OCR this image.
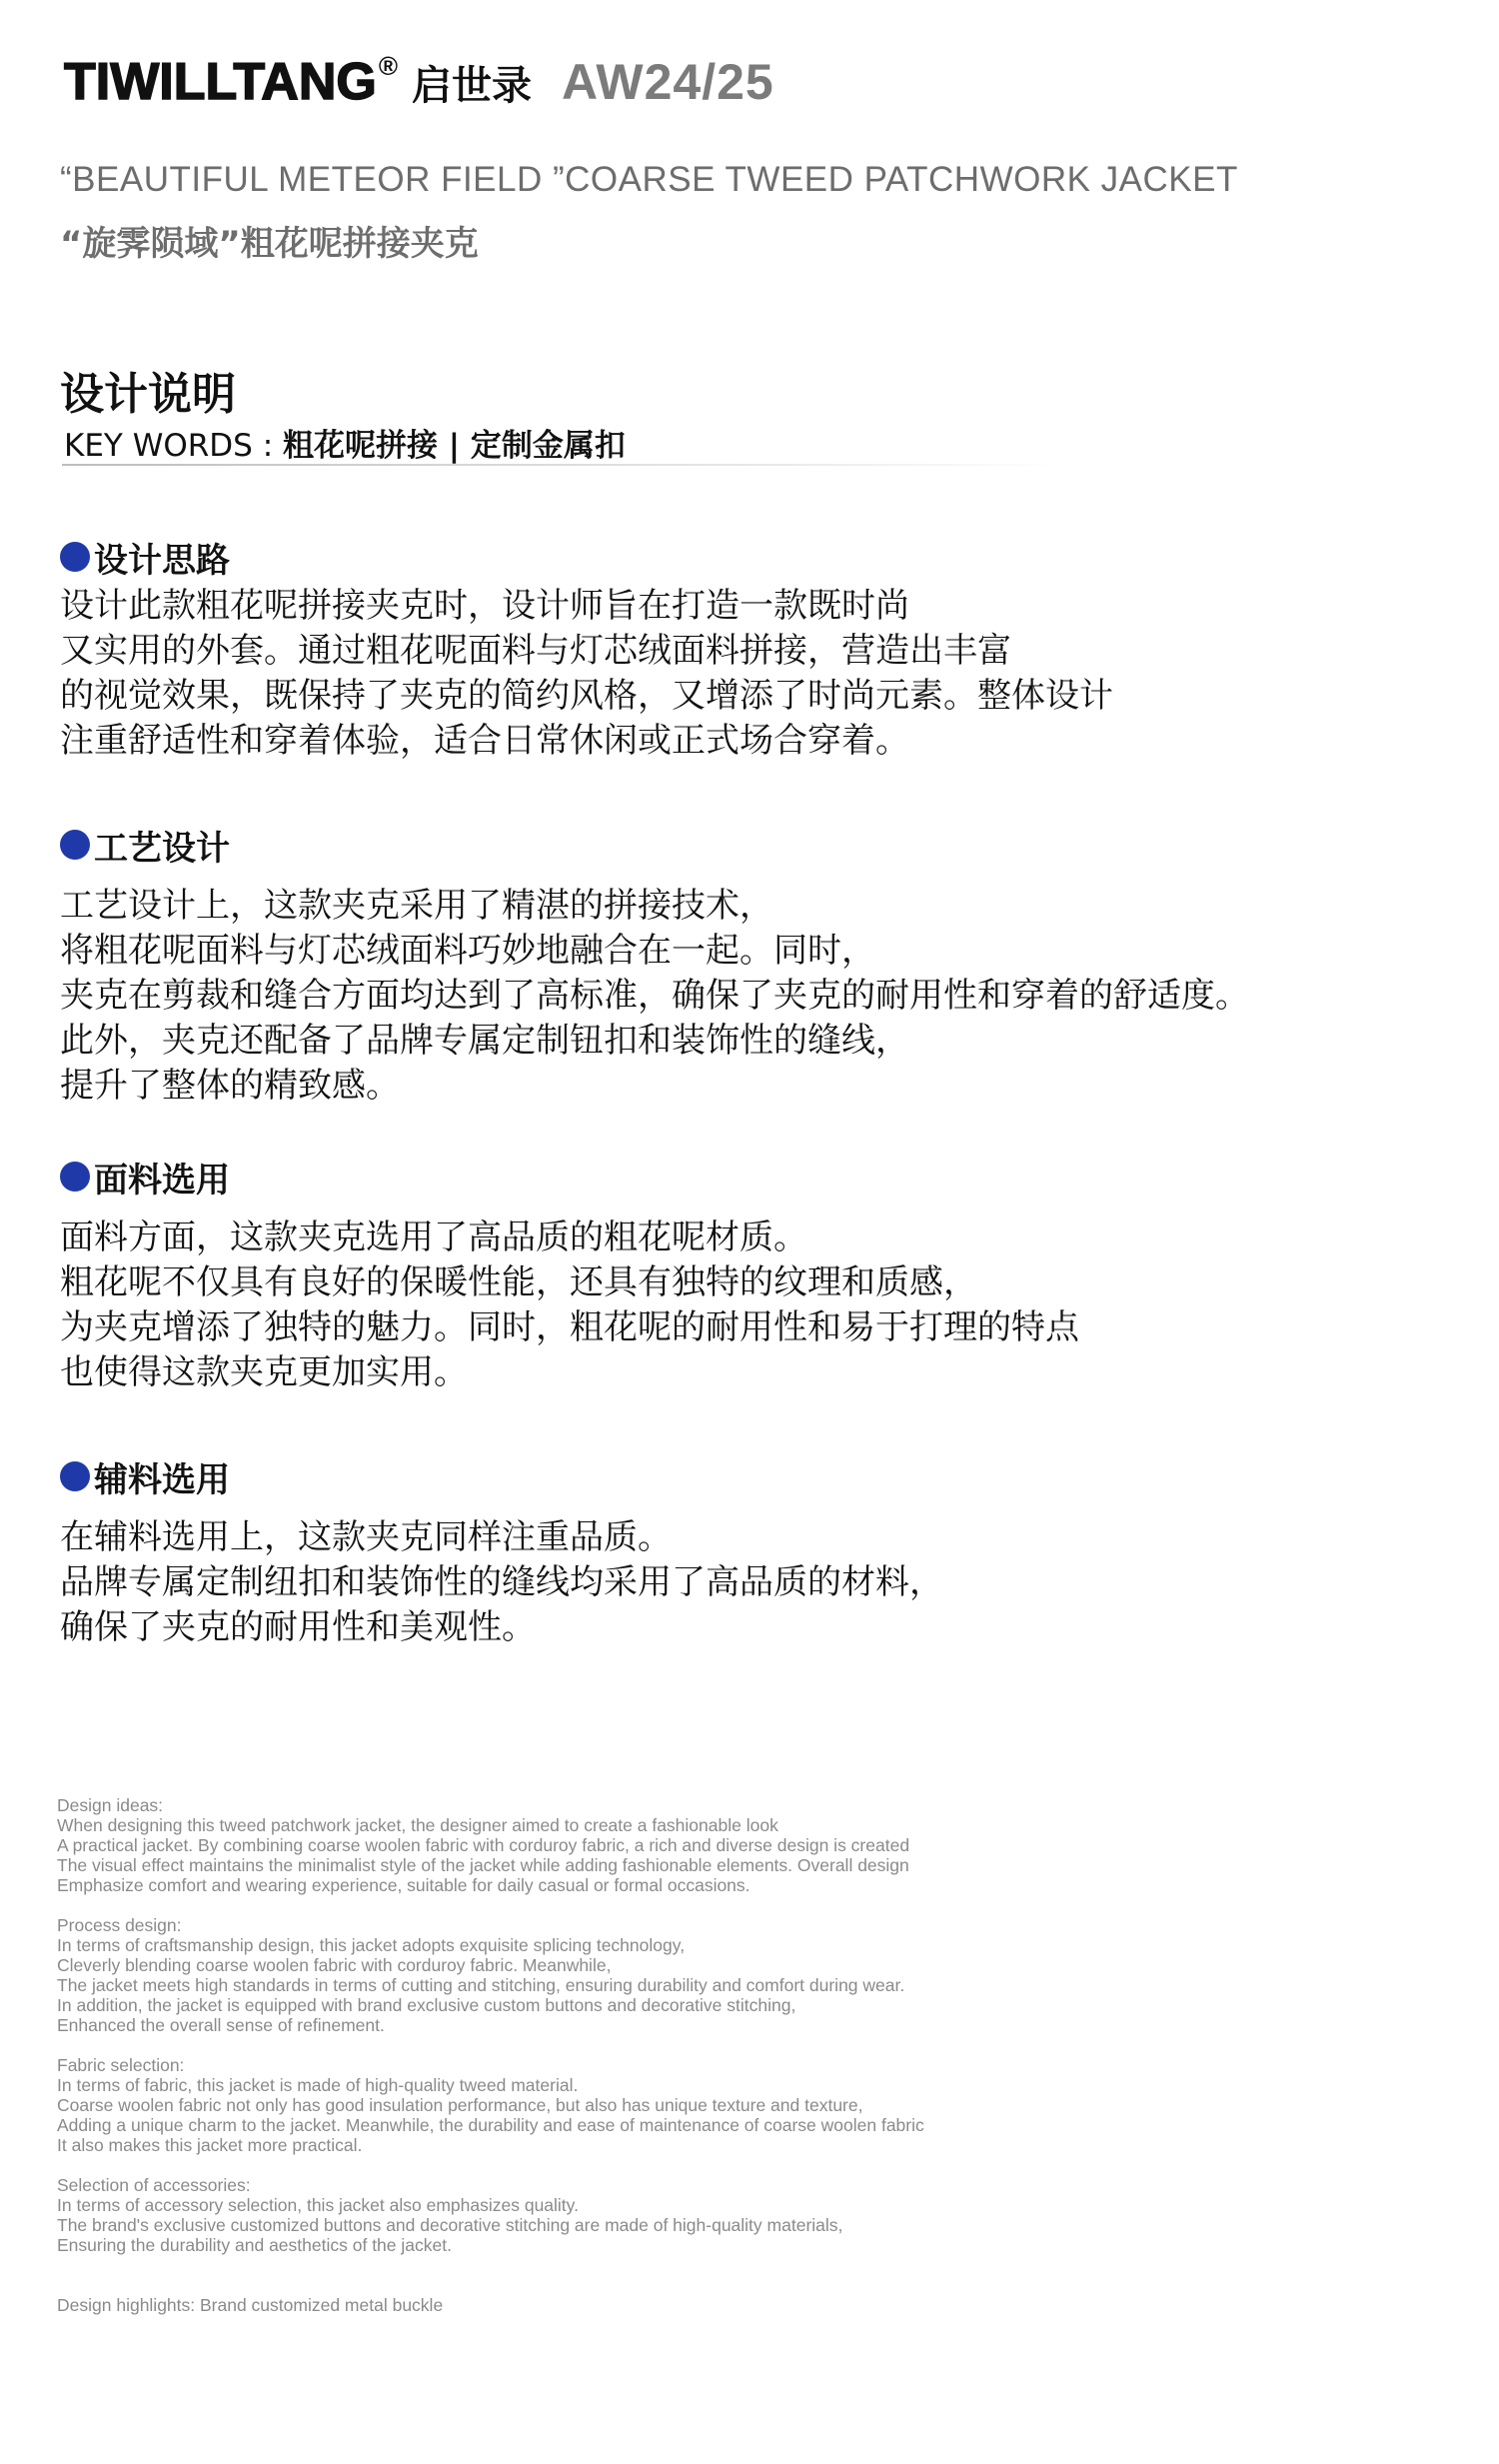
TIWILLTANG ® 启世录 AW24/25
“BEAUTIFUL METEOR FIELD ”COARSE TWEED PATCHWORK JACKET
“旋霁陨域”粗花呢拼接夹克
设计说明
KEY WORDS : 粗花呢拼接 | 定制金属扣
设计思路
设计此款粗花呢拼接夹克时，设计师旨在打造一款既时尚
又实用的外套。通过粗花呢面料与灯芯绒面料拼接，营造出丰富
的视觉效果，既保持了夹克的简约风格，又增添了时尚元素。整体设计
注重舒适性和穿着体验，适合日常休闲或正式场合穿着。
工艺设计
工艺设计上，这款夹克采用了精湛的拼接技术，
将粗花呢面料与灯芯绒面料巧妙地融合在一起。同时，
夹克在剪裁和缝合方面均达到了高标准，确保了夹克的耐用性和穿着的舒适度。
此外，夹克还配备了品牌专属定制钮扣和装饰性的缝线，
提升了整体的精致感。
面料选用
面料方面，这款夹克选用了高品质的粗花呢材质。
粗花呢不仅具有良好的保暖性能，还具有独特的纹理和质感，
为夹克增添了独特的魅力。同时，粗花呢的耐用性和易于打理的特点
也使得这款夹克更加实用。
辅料选用
在辅料选用上，这款夹克同样注重品质。
品牌专属定制纽扣和装饰性的缝线均采用了高品质的材料，
确保了夹克的耐用性和美观性。
Design ideas:
When designing this tweed patchwork jacket, the designer aimed to create a fashionable look
A practical jacket. By combining coarse woolen fabric with corduroy fabric, a rich and diverse design is created
The visual effect maintains the minimalist style of the jacket while adding fashionable elements. Overall design
Emphasize comfort and wearing experience, suitable for daily casual or formal occasions.
Process design:
In terms of craftsmanship design, this jacket adopts exquisite splicing technology,
Cleverly blending coarse woolen fabric with corduroy fabric. Meanwhile,
The jacket meets high standards in terms of cutting and stitching, ensuring durability and comfort during wear.
In addition, the jacket is equipped with brand exclusive custom buttons and decorative stitching,
Enhanced the overall sense of refinement.
Fabric selection:
In terms of fabric, this jacket is made of high-quality tweed material.
Coarse woolen fabric not only has good insulation performance, but also has unique texture and texture,
Adding a unique charm to the jacket. Meanwhile, the durability and ease of maintenance of coarse woolen fabric
It also makes this jacket more practical.
Selection of accessories:
In terms of accessory selection, this jacket also emphasizes quality.
The brand's exclusive customized buttons and decorative stitching are made of high-quality materials,
Ensuring the durability and aesthetics of the jacket.
Design highlights: Brand customized metal buckle
